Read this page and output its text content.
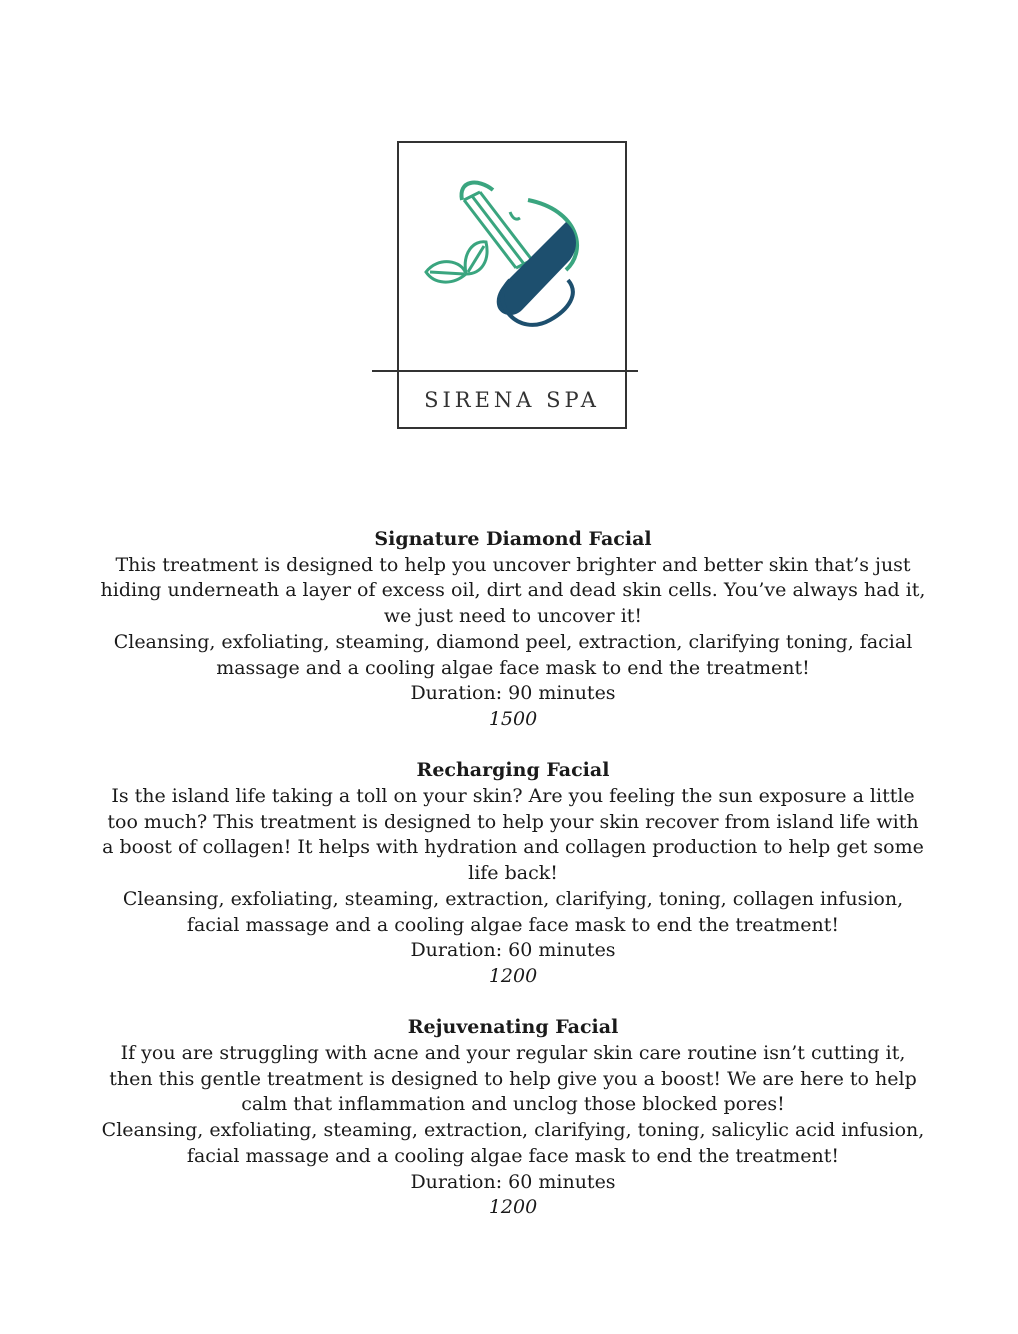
SIRENA SPA
Signature Diamond Facial
This treatment is designed to help you uncover brighter and better skin that’s just hiding underneath a layer of excess oil, dirt and dead skin cells. You’ve always had it, we just need to uncover it!
Cleansing, exfoliating, steaming, diamond peel, extraction, clarifying toning, facial massage and a cooling algae face mask to end the treatment!
Duration: 90 minutes
1500
Recharging Facial
Is the island life taking a toll on your skin? Are you feeling the sun exposure a little too much? This treatment is designed to help your skin recover from island life with a boost of collagen! It helps with hydration and collagen production to help get some life back!
Cleansing, exfoliating, steaming, extraction, clarifying, toning, collagen infusion, facial massage and a cooling algae face mask to end the treatment!
Duration: 60 minutes
1200
Rejuvenating Facial
If you are struggling with acne and your regular skin care routine isn’t cutting it, then this gentle treatment is designed to help give you a boost! We are here to help calm that inflammation and unclog those blocked pores!
Cleansing, exfoliating, steaming, extraction, clarifying, toning, salicylic acid infusion, facial massage and a cooling algae face mask to end the treatment!
Duration: 60 minutes
1200
